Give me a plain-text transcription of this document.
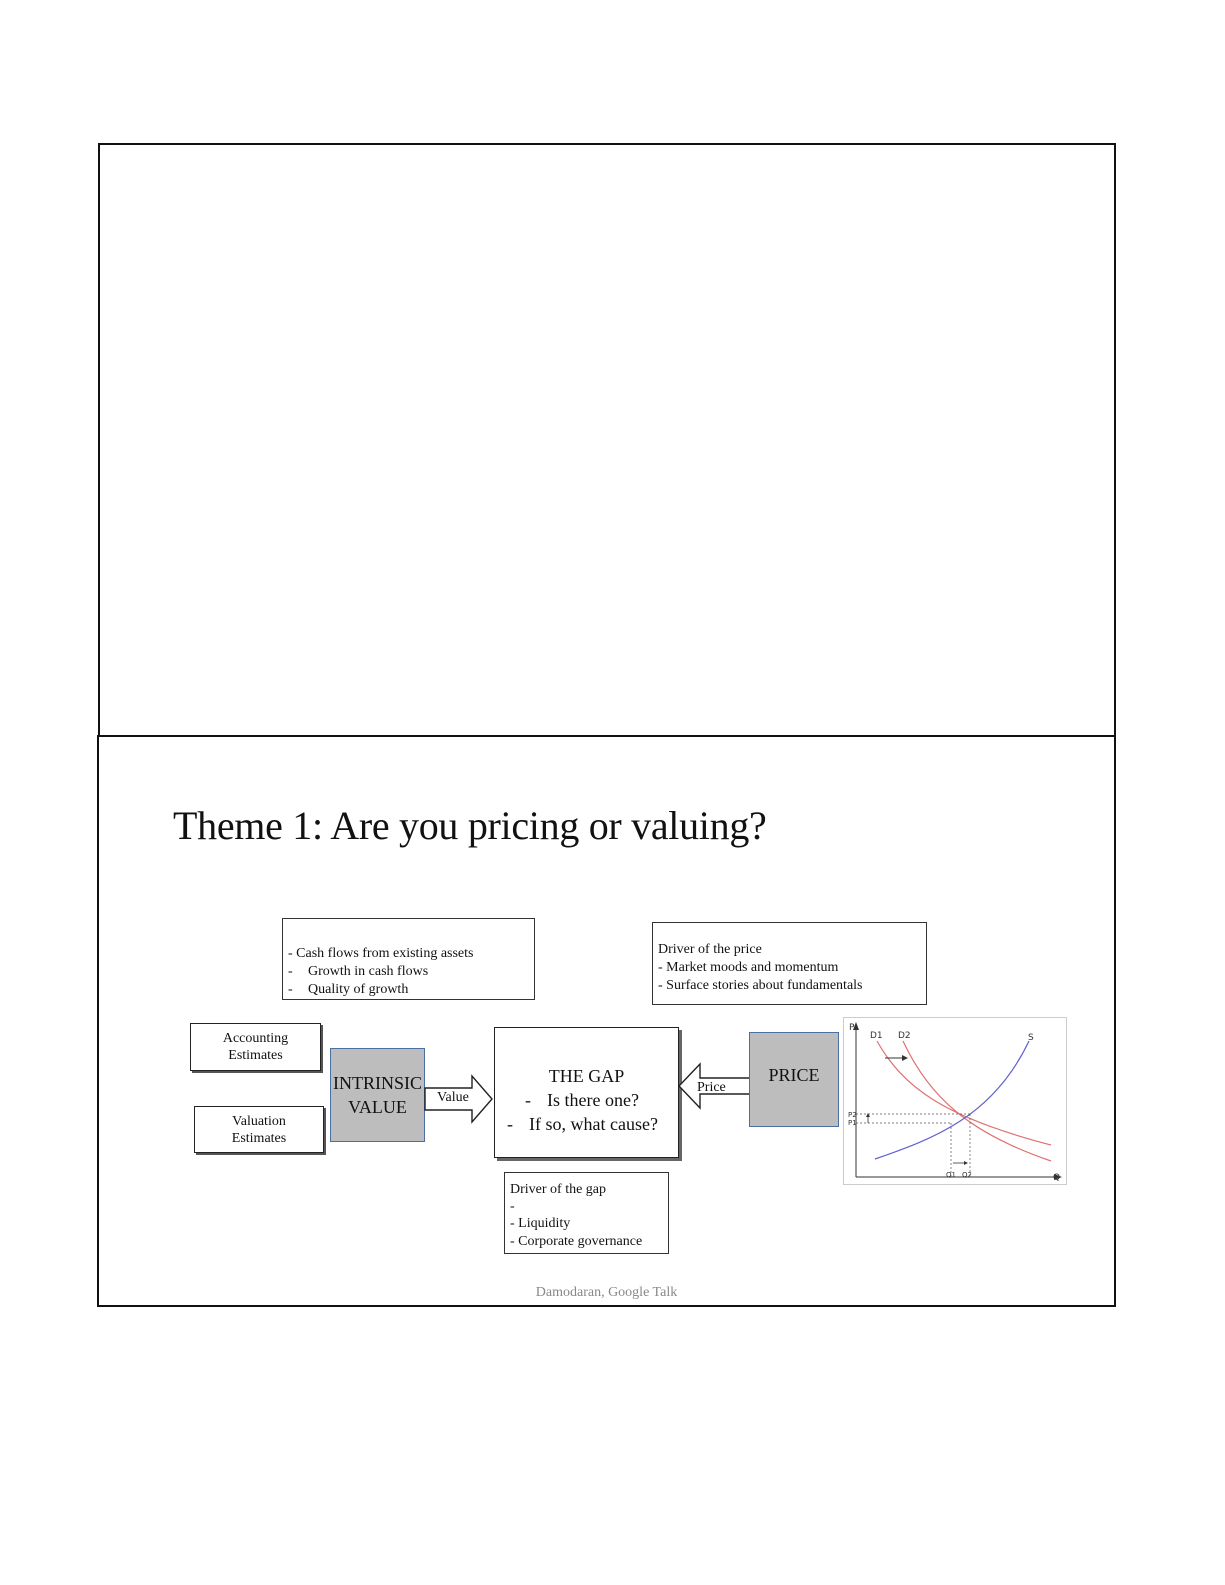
Theme 1: Are you pricing or valuing?
- Cash flows from existing assets
- Growth in cash flows
- Quality of growth
Driver of the price
- Market moods and momentum
- Surface stories about fundamentals
Accounting Estimates
Valuation Estimates
INTRINSIC VALUE	Value
THE GAP
- Is there one?
- If so, what cause?
Price
PRICE
Driver of the gap
-
- Liquidity
- Corporate governance
P
Q
D1 D2	S
P2
P1
Q1 Q2
Damodaran, Google Talk
